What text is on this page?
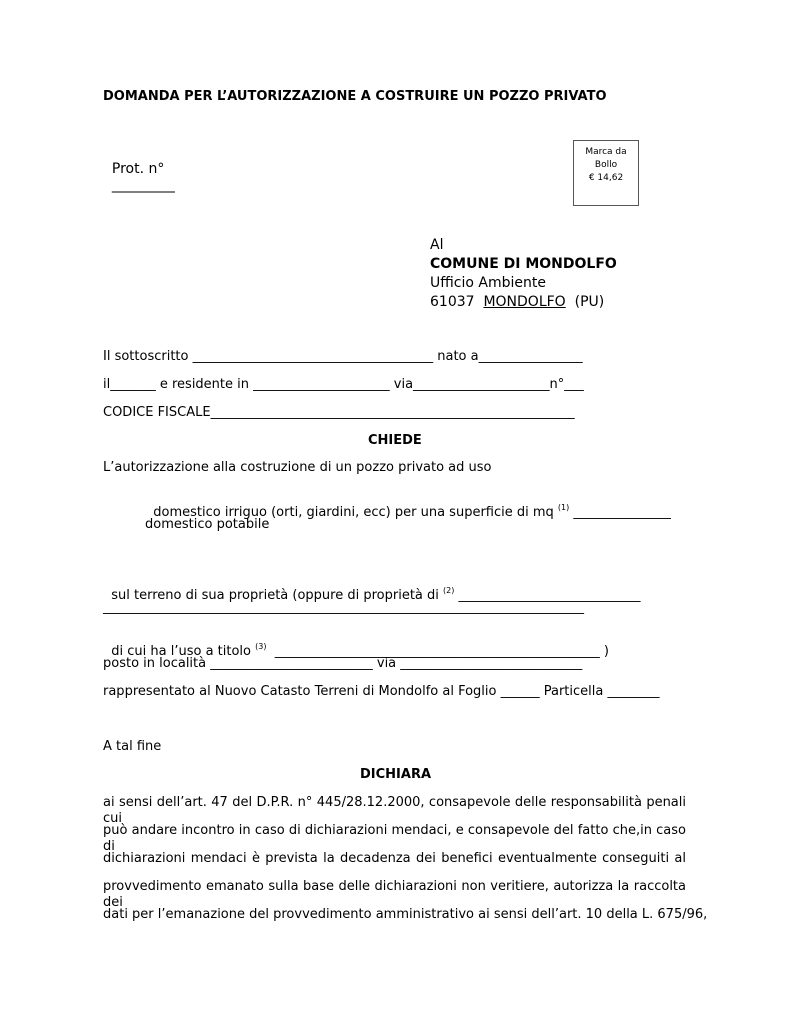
DOMANDA PER L’AUTORIZZAZIONE A COSTRUIRE UN POZZO PRIVATO

Prot. n°
_________

Marca da
Bollo
€ 14,62
Al
COMUNE DI MONDOLFO
Ufficio Ambiente
61037 MONDOLFO (PU)
Il sottoscritto _____________________________________ nato a________________
il_______ e residente in _____________________ via_____________________n°___
CODICE FISCALE________________________________________________________
CHIEDE
L’autorizzazione alla costruzione di un pozzo privato ad uso

domestico irriguo (orti, giardini, ecc) per una superficie di mq $^{(1)}$ _______________

domestico potabile

sul terreno di sua proprietà (oppure di proprietà di $^{(2)}$ ____________________________

__________________________________________________________________________

di cui ha l’uso a titolo $^{(3)}$ __________________________________________________ )

posto in località _________________________ via ____________________________
rappresentato al Nuovo Catasto Terreni di Mondolfo al Foglio ______ Particella ________
A tal fine
DICHIARA
ai sensi dell’art. 47 del D.P.R. n° 445/28.12.2000, consapevole delle responsabilità penali cui
può andare incontro in caso di dichiarazioni mendaci, e consapevole del fatto che,in caso di
dichiarazioni mendaci è prevista la decadenza dei benefici eventualmente conseguiti al
provvedimento emanato sulla base delle dichiarazioni non veritiere, autorizza la raccolta dei
dati per l’emanazione del provvedimento amministrativo ai sensi dell’art. 10 della L. 675/96,
